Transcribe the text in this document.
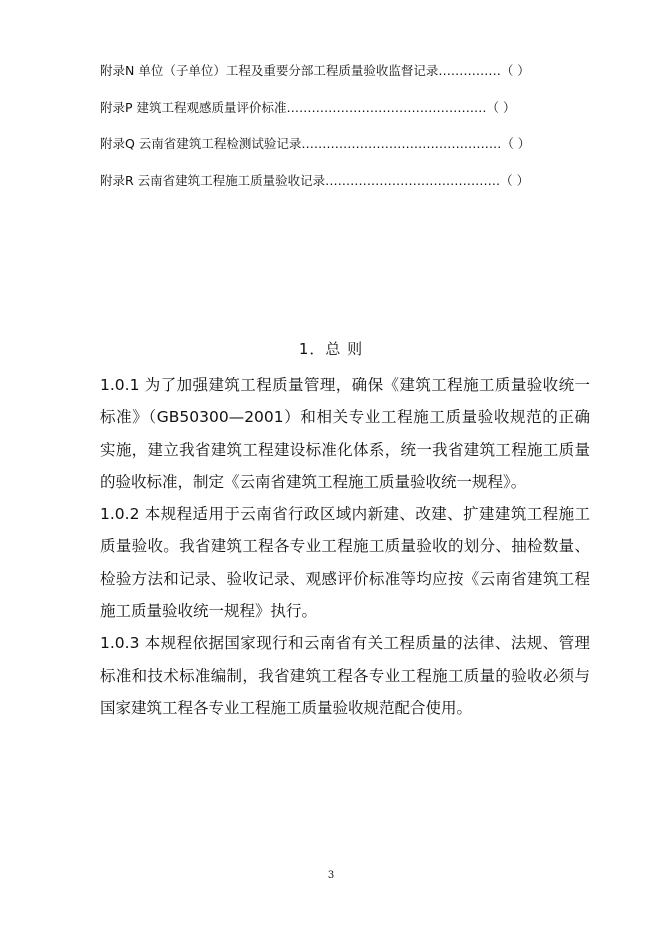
附录N 单位（子单位）工程及重要分部工程质量验收监督记录……………（ ）
附录P 建筑工程观感质量评价标准…………………………………………（ ）
附录Q 云南省建筑工程检测试验记录…………………………………………（ ）
附录R 云南省建筑工程施工质量验收记录……………………………………（ ）
1．总 则

1.0.1 为了加强建筑工程质量管理，确保《建筑工程施工质量验收统一标准》（GB50300—2001）和相关专业工程施工质量验收规范的正确实施，建立我省建筑工程建设标准化体系，统一我省建筑工程施工质量的验收标准，制定《云南省建筑工程施工质量验收统一规程》。

1.0.2 本规程适用于云南省行政区域内新建、改建、扩建建筑工程施工质量验收。我省建筑工程各专业工程施工质量验收的划分、抽检数量、检验方法和记录、验收记录、观感评价标准等均应按《云南省建筑工程施工质量验收统一规程》执行。

1.0.3 本规程依据国家现行和云南省有关工程质量的法律、法规、管理标准和技术标准编制，我省建筑工程各专业工程施工质量的验收必须与国家建筑工程各专业工程施工质量验收规范配合使用。

3
